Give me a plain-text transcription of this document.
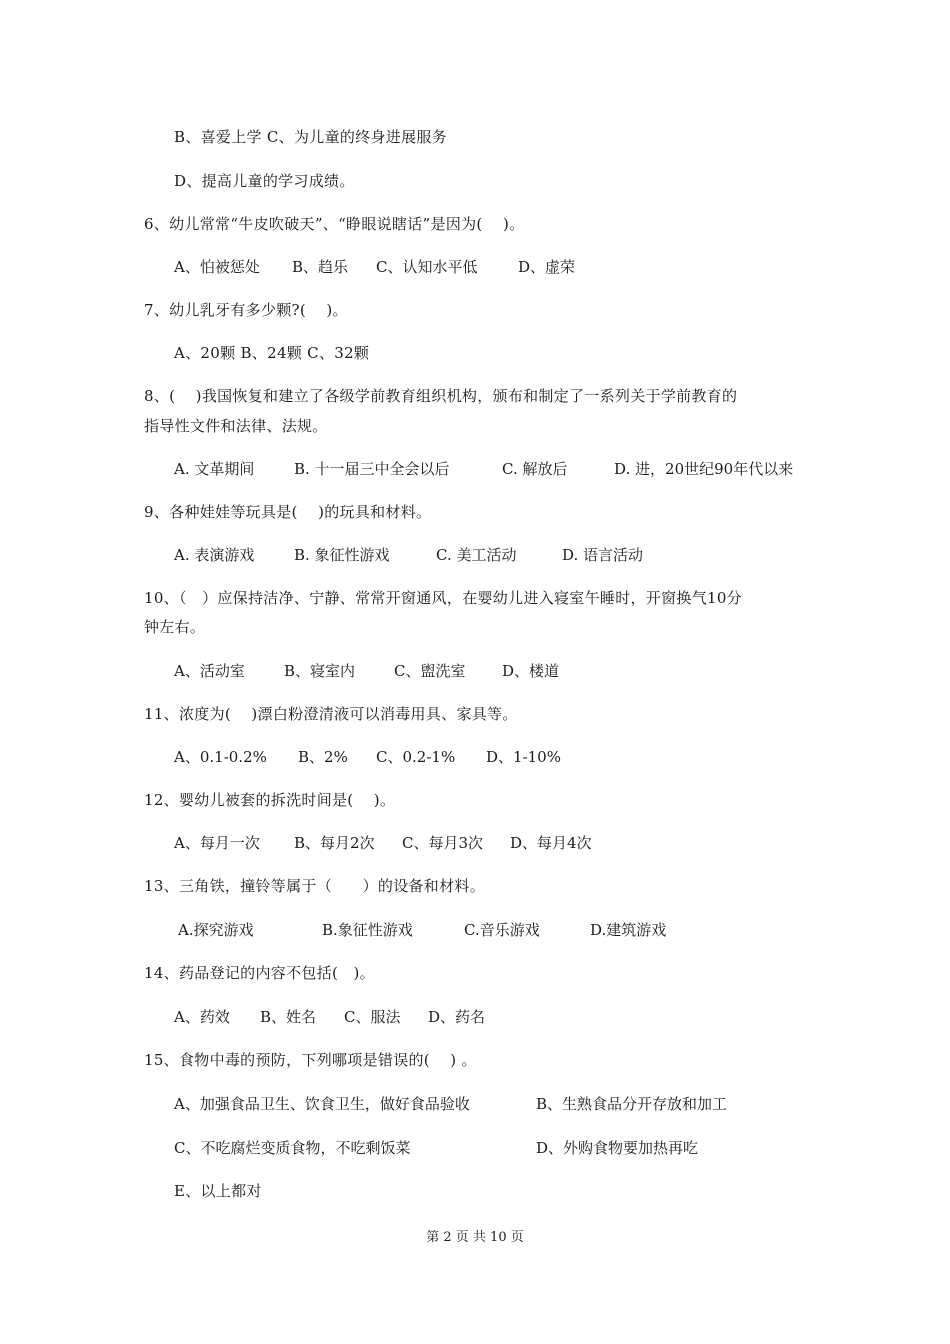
B、喜爱上学 C、为儿童的终身进展服务
D、提高儿童的学习成绩。
6、幼儿常常“牛皮吹破天”、“睁眼说瞎话”是因为(　 )。

A、怕被惩处

B、趋乐

C、认知水平低

	D、虚荣

7、幼儿乳牙有多少颗?(　 )。
A、20颗 B、24颗 C、32颗
8、(　 )我国恢复和建立了各级学前教育组织机构，颁布和制定了一系列关于学前教育的
指导性文件和法律、法规。

A. 文革期间

	B. 十一届三中全会以后

	C. 解放后

	D. 进，20世纪90年代以来

9、各种娃娃等玩具是(　 )的玩具和材料。

A. 表演游戏

	B. 象征性游戏

	C. 美工活动

	D. 语言活动

10、（　）应保持洁净、宁静、常常开窗通风，在婴幼儿进入寝室午睡时，开窗换气10分
钟左右。

A、活动室

	B、寝室内

	C、盥洗室

D、楼道

11、浓度为(　 )漂白粉澄清液可以消毒用具、家具等。

A、0.1-0.2%

B、2%

C、0.2-1%

D、1-10%

12、婴幼儿被套的拆洗时间是(　 )。

A、每月一次

B、每月2次

C、每月3次

D、每月4次

13、三角铁，撞铃等属于（　　）的设备和材料。

A.探究游戏

	B.象征性游戏

	C.音乐游戏

	D.建筑游戏

14、药品登记的内容不包括(　)。

A、药效

B、姓名

C、服法

D、药名

15、食物中毒的预防，下列哪项是错误的(　 ) 。

A、加强食品卫生、饮食卫生，做好食品验收

	B、生熟食品分开存放和加工

C、不吃腐烂变质食物，不吃剩饭菜

	D、外购食物要加热再吃

E、以上都对
第 2 页 共 10 页
